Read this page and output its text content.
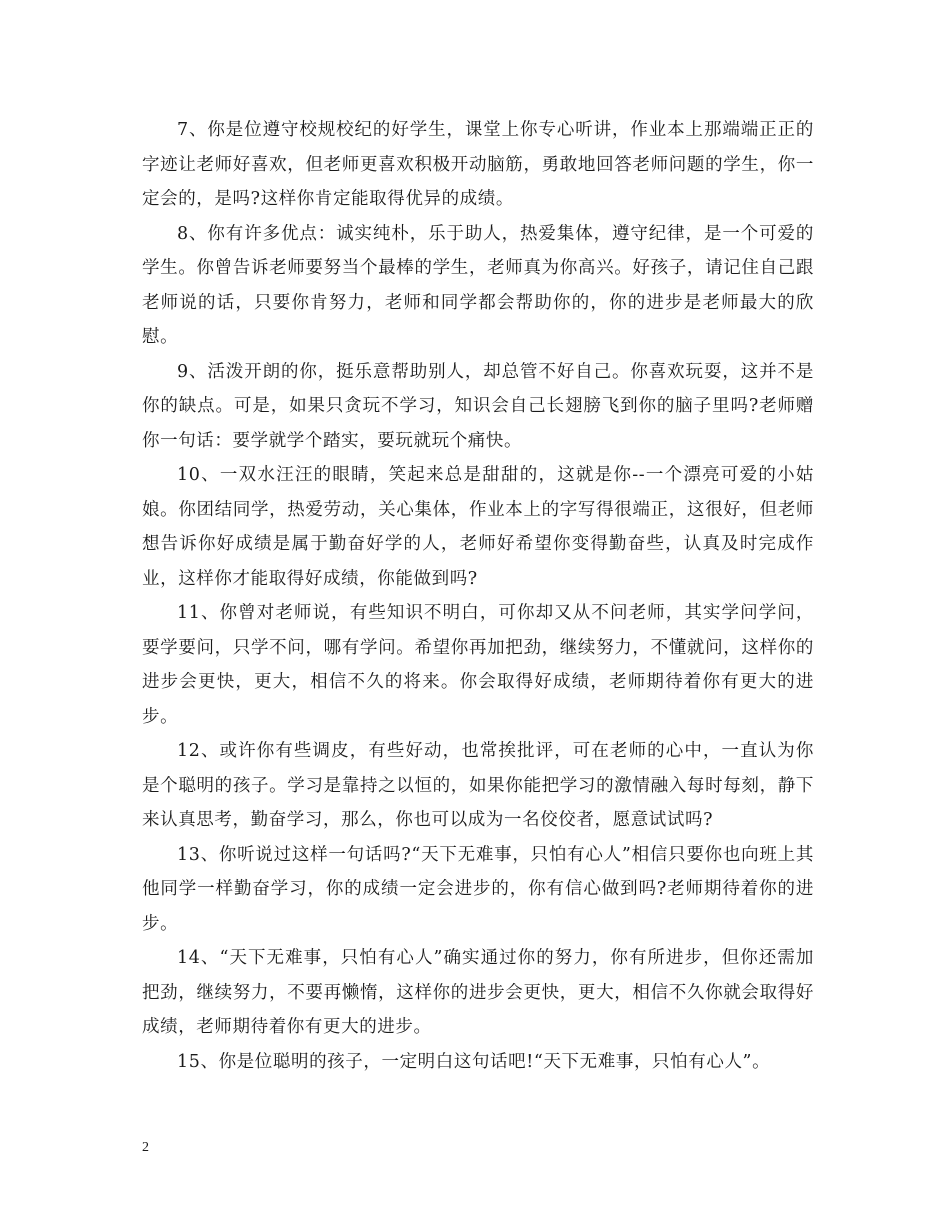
7、你是位遵守校规校纪的好学生，课堂上你专心听讲，作业本上那端端正正的字迹让老师好喜欢，但老师更喜欢积极开动脑筋，勇敢地回答老师问题的学生，你一定会的，是吗?这样你肯定能取得优异的成绩。

8、你有许多优点：诚实纯朴，乐于助人，热爱集体，遵守纪律，是一个可爱的学生。你曾告诉老师要努当个最棒的学生，老师真为你高兴。好孩子，请记住自己跟老师说的话，只要你肯努力，老师和同学都会帮助你的，你的进步是老师最大的欣慰。

9、活泼开朗的你，挺乐意帮助别人，却总管不好自己。你喜欢玩耍，这并不是你的缺点。可是，如果只贪玩不学习，知识会自己长翅膀飞到你的脑子里吗?老师赠你一句话：要学就学个踏实，要玩就玩个痛快。

10、一双水汪汪的眼睛，笑起来总是甜甜的，这就是你--一个漂亮可爱的小姑娘。你团结同学，热爱劳动，关心集体，作业本上的字写得很端正，这很好，但老师想告诉你好成绩是属于勤奋好学的人，老师好希望你变得勤奋些，认真及时完成作业，这样你才能取得好成绩，你能做到吗?

11、你曾对老师说，有些知识不明白，可你却又从不问老师，其实学问学问，要学要问，只学不问，哪有学问。希望你再加把劲，继续努力，不懂就问，这样你的进步会更快，更大，相信不久的将来。你会取得好成绩，老师期待着你有更大的进步。

12、或许你有些调皮，有些好动，也常挨批评，可在老师的心中，一直认为你是个聪明的孩子。学习是靠持之以恒的，如果你能把学习的激情融入每时每刻，静下来认真思考，勤奋学习，那么，你也可以成为一名佼佼者，愿意试试吗?

13、你听说过这样一句话吗?“天下无难事，只怕有心人”相信只要你也向班上其他同学一样勤奋学习，你的成绩一定会进步的，你有信心做到吗?老师期待着你的进步。

14、“天下无难事，只怕有心人”确实通过你的努力，你有所进步，但你还需加把劲，继续努力，不要再懒惰，这样你的进步会更快，更大，相信不久你就会取得好成绩，老师期待着你有更大的进步。

15、你是位聪明的孩子，一定明白这句话吧!“天下无难事，只怕有心人”。

2
